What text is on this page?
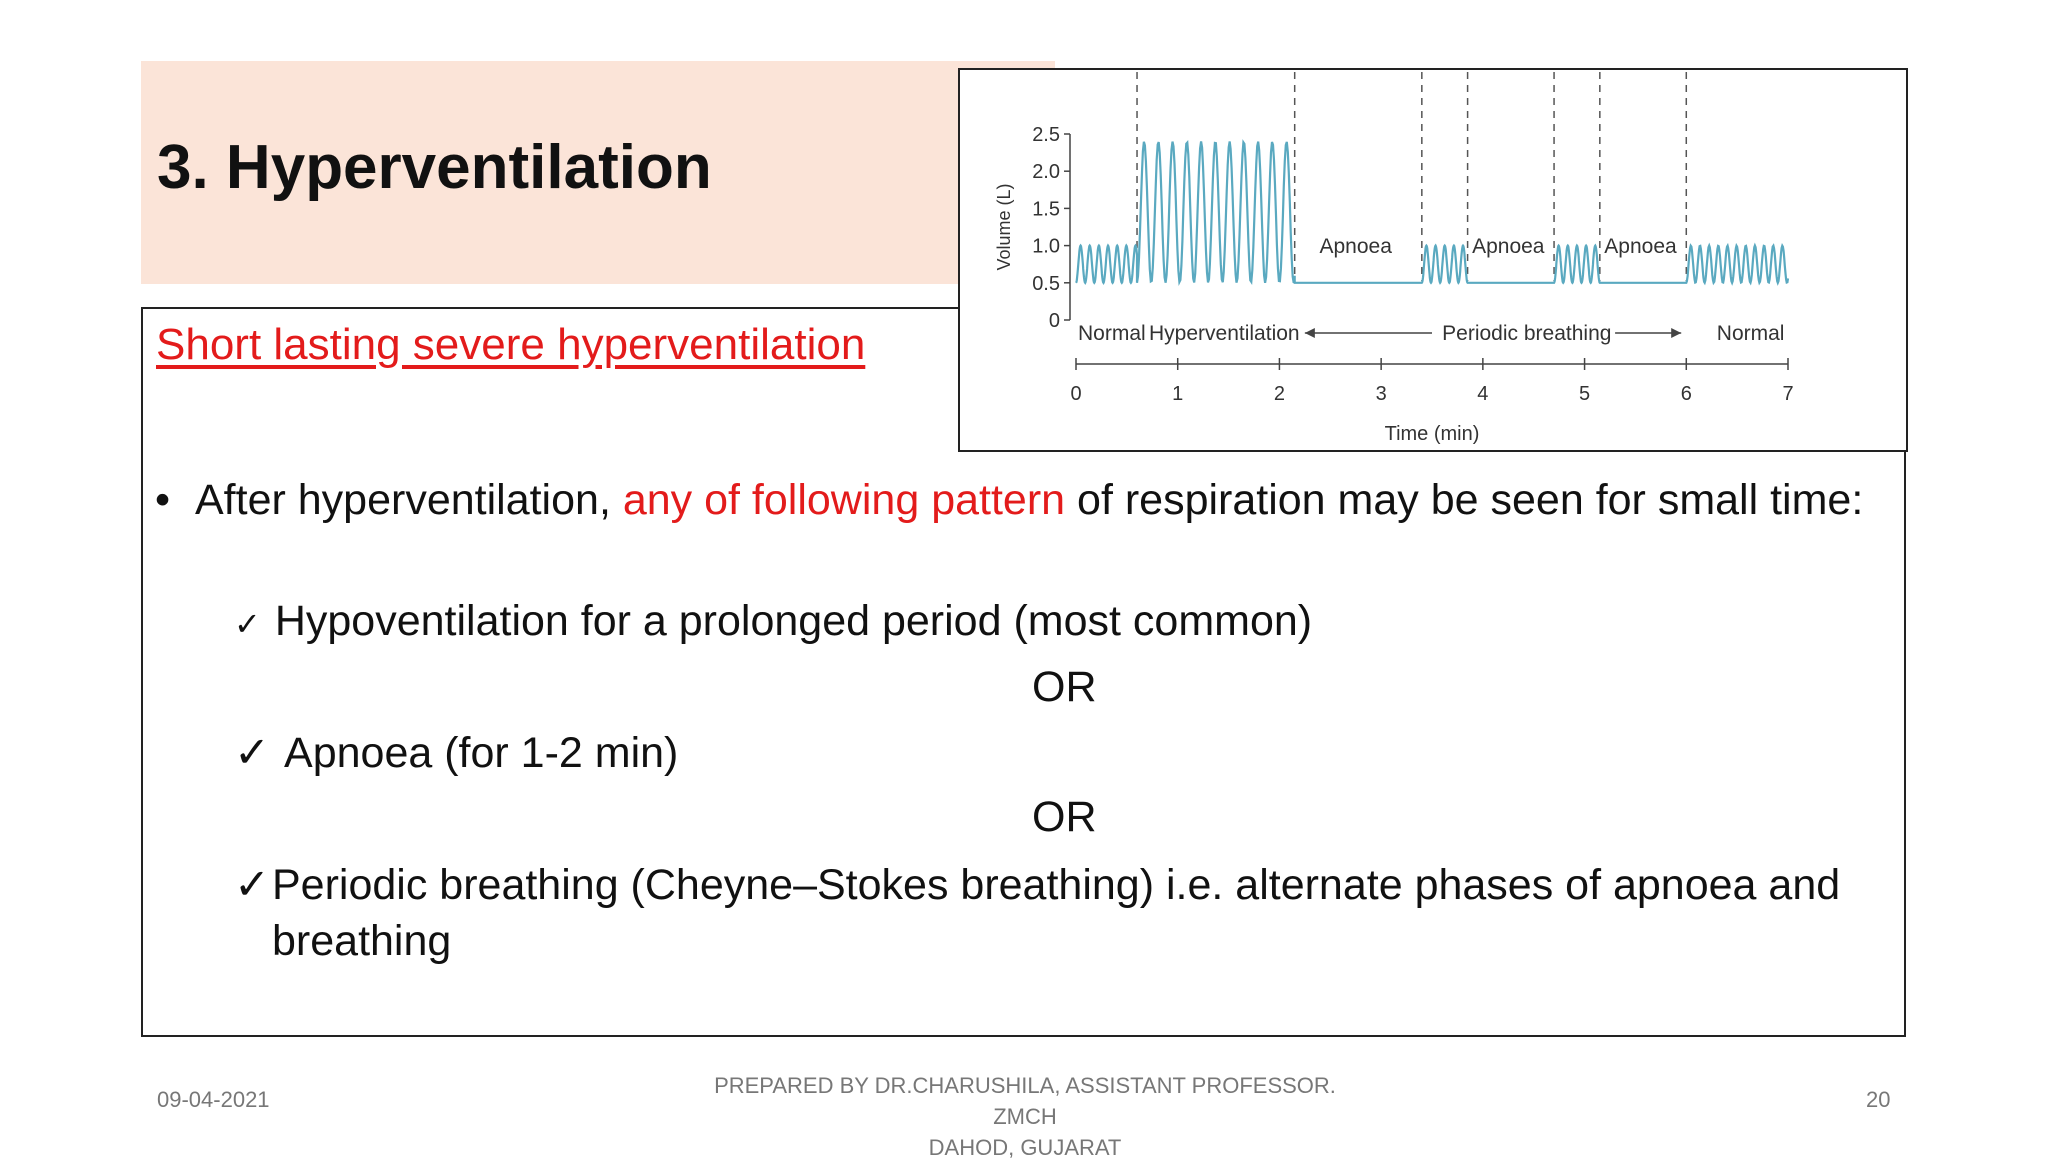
3. Hyperventilation
Short lasting severe hyperventilation
• After hyperventilation, any of following pattern of respiration may be seen for small time:
✓ Hypoventilation for a prolonged period (most common)
OR
✓ Apnoea (for 1-2 min)
OR
✓ Periodic breathing (Cheyne–Stokes breathing) i.e. alternate phases of apnoea and breathing
0
0.5
1.0
1.5
2.0
2.5
Volume (L)	Apnoea	Apnoea	Apnoea
Normal Hyperventilation	Periodic breathing	Normal
0	1	2	3	4	5	6	7
Time (min)
09-04-2021
PREPARED BY DR.CHARUSHILA, ASSISTANT PROFESSOR. ZMCH
DAHOD, GUJARAT
20
